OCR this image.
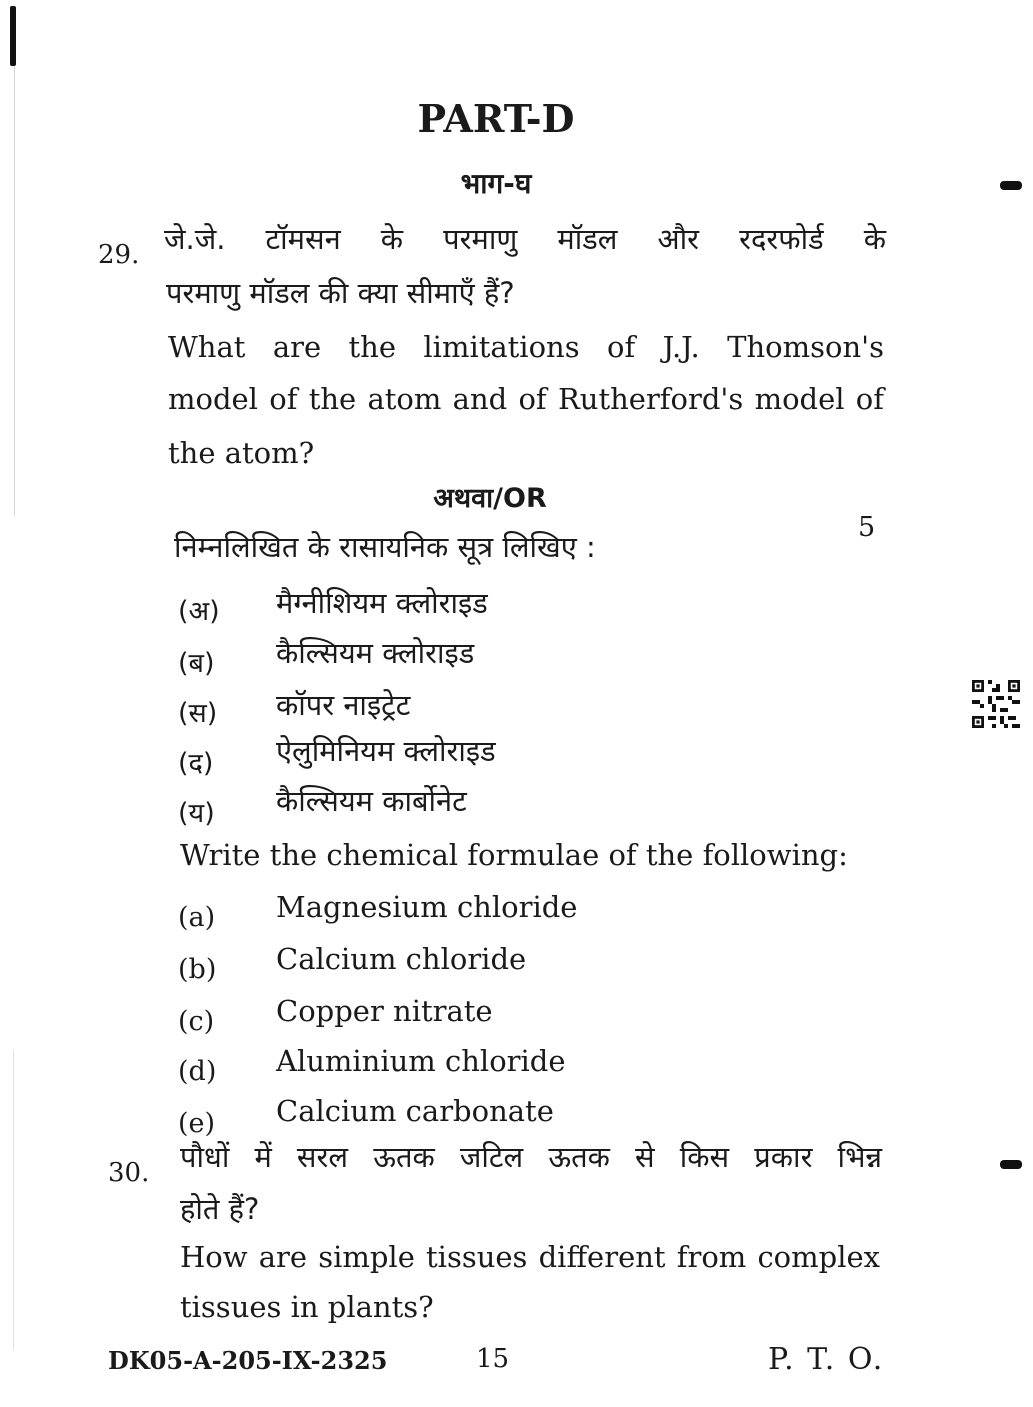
PART-D
भाग-घ
29. जे.जे. टॉमसन के परमाणु मॉडल और रदरफोर्ड के
परमाणु मॉडल की क्या सीमाएँ हैं?
What are the limitations of J.J. Thomson's
model of the atom and of Rutherford's model of
the atom?
अथवा/OR
5
निम्नलिखित के रासायनिक सूत्र लिखिए :
(अ) मैग्नीशियम क्लोराइड
(ब) कैल्सियम क्लोराइड
(स) कॉपर नाइट्रेट
(द) ऐलुमिनियम क्लोराइड
(य) कैल्सियम कार्बोनेट
Write the chemical formulae of the following:
(a) Magnesium chloride
(b) Calcium chloride
(c) Copper nitrate
(d) Aluminium chloride
(e) Calcium carbonate
30. पौधों में सरल ऊतक जटिल ऊतक से किस प्रकार भिन्न
होते हैं?
How are simple tissues different from complex
tissues in plants?
DK05-A-205-IX-2325	15	P. T. O.
